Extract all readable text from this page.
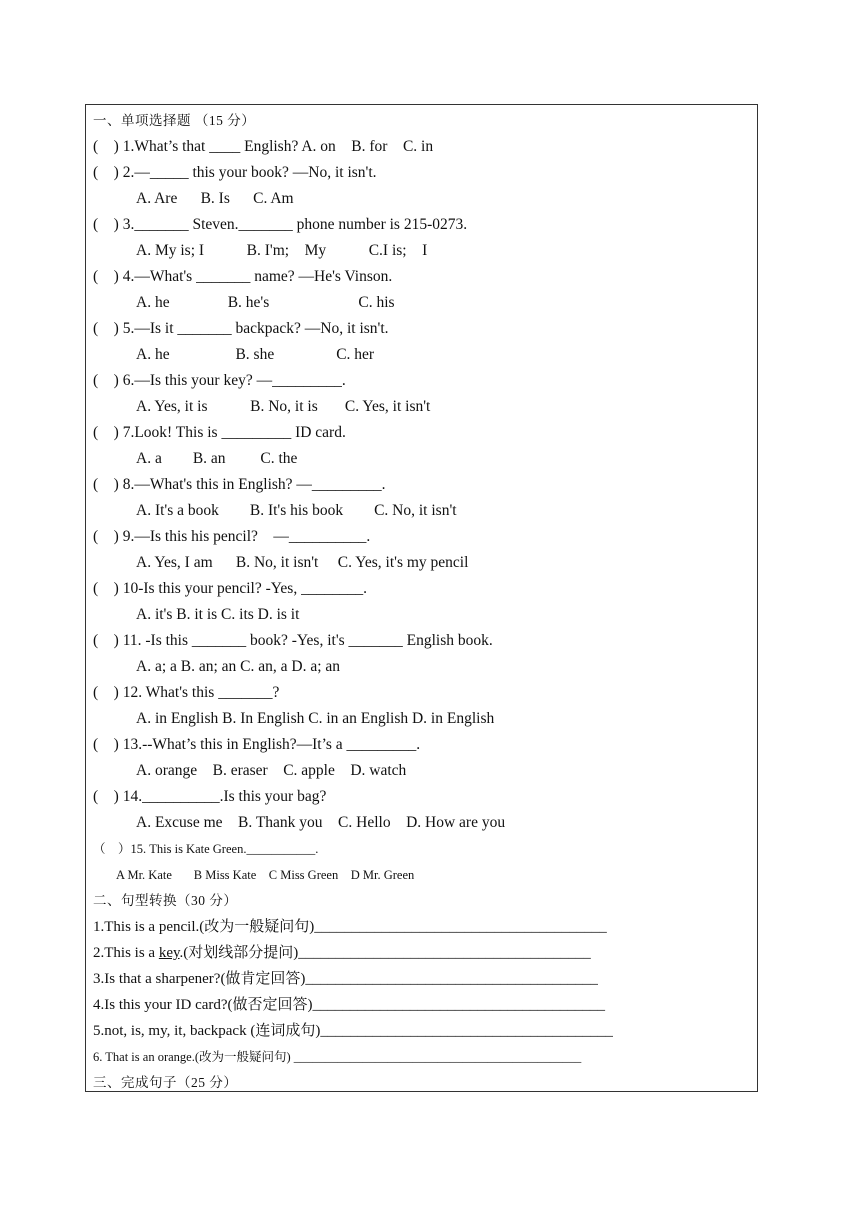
一、单项选择题 （15 分）
(    ) 1.What’s that ____ English? A. on    B. for    C. in
(    ) 2.—_____ this your book? —No, it isn't.
A. Are      B. Is      C. Am
(    ) 3._______ Steven._______ phone number is 215-0273.
A. My is; I           B. I'm;    My           C.I is;    I
(    ) 4.—What's _______ name? —He's Vinson.
A. he               B. he's                       C. his
(    ) 5.—Is it _______ backpack? —No, it isn't.
A. he                 B. she                C. her
(    ) 6.—Is this your key? —_________.
A. Yes, it is           B. No, it is       C. Yes, it isn't
(    ) 7.Look! This is _________ ID card.
A. a        B. an         C. the
(    ) 8.—What's this in English? —_________.
A. It's a book        B. It's his book        C. No, it isn't
(    ) 9.—Is this his pencil?    —__________.
A. Yes, I am      B. No, it isn't     C. Yes, it's my pencil
(    ) 10-Is this your pencil? -Yes, ________.
A. it's B. it is C. its D. is it
(    ) 11. -Is this _______ book? -Yes, it's _______ English book.
A. a; a B. an; an C. an, a D. a; an
(    ) 12. What's this _______?
A. in English B. In English C. in an English D. in English
(    ) 13.--What’s this in English?—It’s a _________.
A. orange    B. eraser    C. apple    D. watch
(    ) 14.__________.Is this your bag?
A. Excuse me    B. Thank you    C. Hello    D. How are you
（    ）15. This is Kate Green.___________.
A Mr. Kate       B Miss Kate    C Miss Green    D Mr. Green
二、句型转换（30 分）
1.This is a pencil.(改为一般疑问句)_______________________________________
2.This is a key.(对划线部分提问)_______________________________________
3.Is that a sharpener?(做肯定回答)_______________________________________
4.Is this your ID card?(做否定回答)_______________________________________
5.not, is, my, it, backpack (连词成句)_______________________________________
6. That is an orange.(改为一般疑问句) ______________________________________________
三、完成句子（25 分）
